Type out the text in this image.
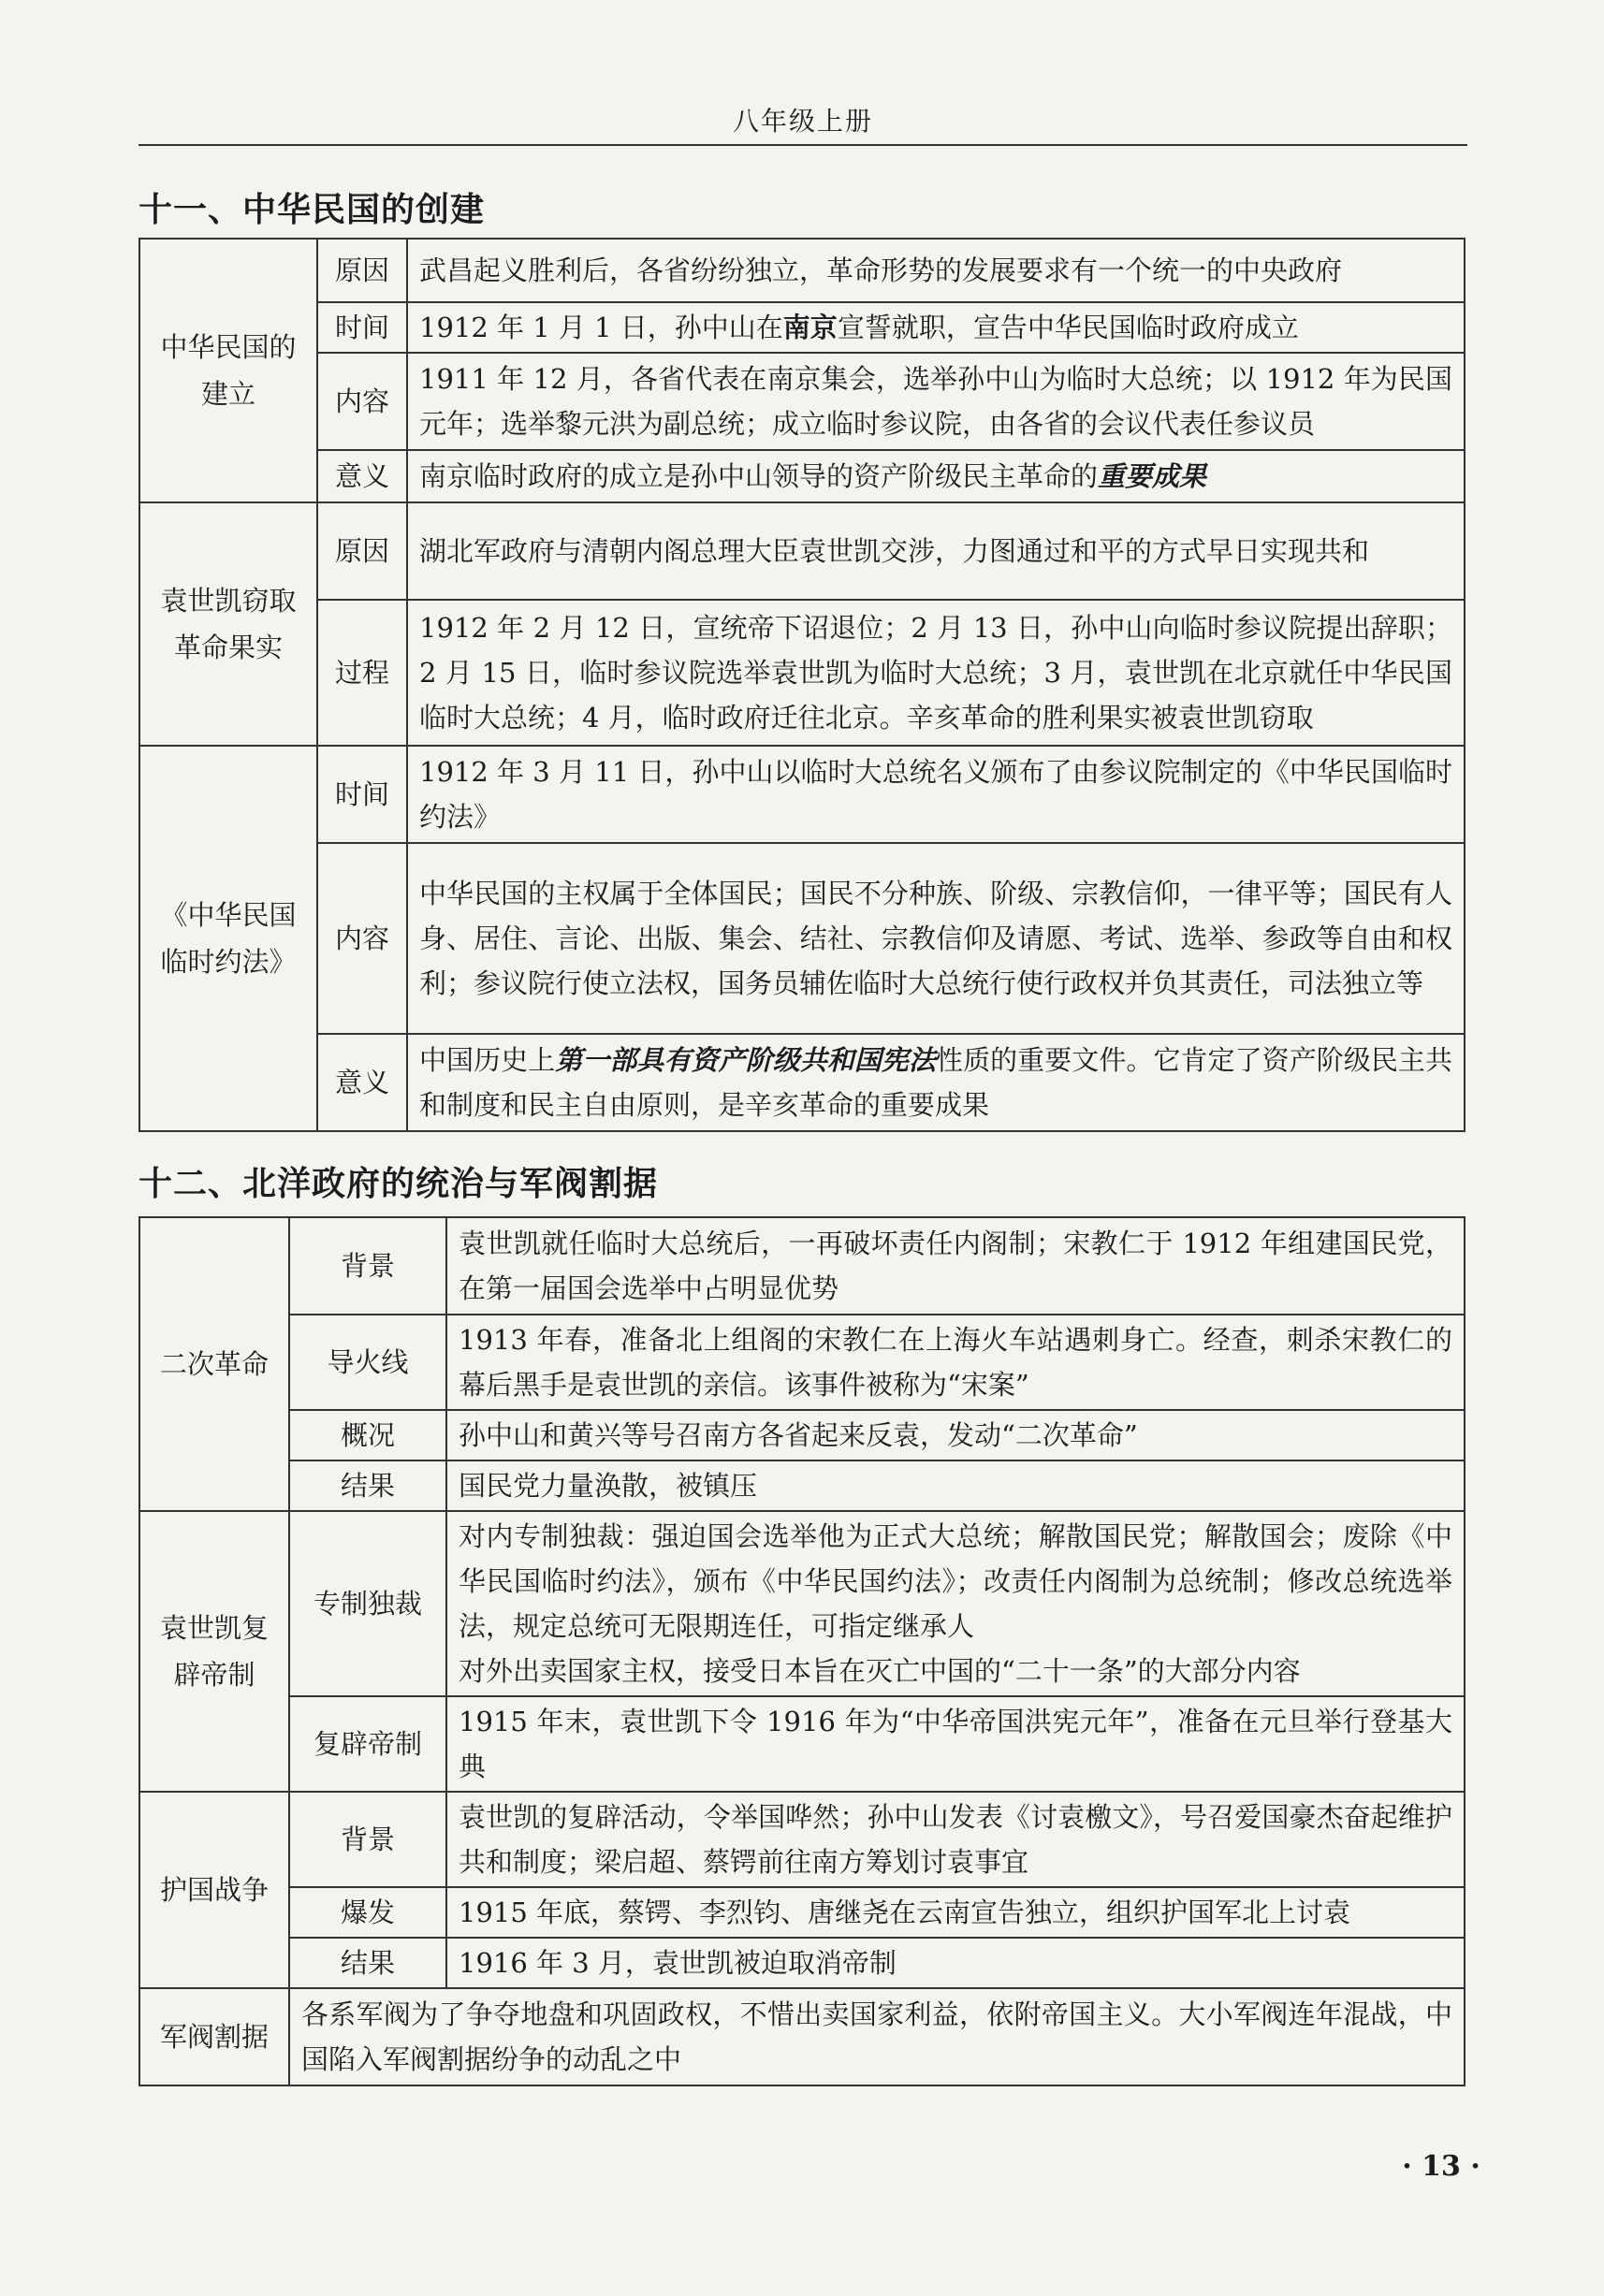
八年级上册
十一、中华民国的创建
中华民国的建立	原因	武昌起义胜利后，各省纷纷独立，革命形势的发展要求有一个统一的中央政府
	时间	1912 年 1 月 1 日，孙中山在南京宣誓就职，宣告中华民国临时政府成立
	内容	1911 年 12 月，各省代表在南京集会，选举孙中山为临时大总统；以 1912 年为民国元年；选举黎元洪为副总统；成立临时参议院，由各省的会议代表任参议员
	意义	南京临时政府的成立是孙中山领导的资产阶级民主革命的重要成果
袁世凯窃取革命果实	原因	湖北军政府与清朝内阁总理大臣袁世凯交涉，力图通过和平的方式早日实现共和
	过程	1912 年 2 月 12 日，宣统帝下诏退位；2 月 13 日，孙中山向临时参议院提出辞职；2 月 15 日，临时参议院选举袁世凯为临时大总统；3 月，袁世凯在北京就任中华民国临时大总统；4 月，临时政府迁往北京。辛亥革命的胜利果实被袁世凯窃取
《中华民国临时约法》	时间	1912 年 3 月 11 日，孙中山以临时大总统名义颁布了由参议院制定的《中华民国临时约法》
	内容	中华民国的主权属于全体国民；国民不分种族、阶级、宗教信仰，一律平等；国民有人身、居住、言论、出版、集会、结社、宗教信仰及请愿、考试、选举、参政等自由和权利；参议院行使立法权，国务员辅佐临时大总统行使行政权并负其责任，司法独立等
	意义	中国历史上第一部具有资产阶级共和国宪法性质的重要文件。它肯定了资产阶级民主共和制度和民主自由原则，是辛亥革命的重要成果
十二、北洋政府的统治与军阀割据
二次革命	背景	袁世凯就任临时大总统后，一再破坏责任内阁制；宋教仁于 1912 年组建国民党，在第一届国会选举中占明显优势
	导火线	1913 年春，准备北上组阁的宋教仁在上海火车站遇刺身亡。经查，刺杀宋教仁的幕后黑手是袁世凯的亲信。该事件被称为“宋案”
	概况	孙中山和黄兴等号召南方各省起来反袁，发动“二次革命”
	结果	国民党力量涣散，被镇压
袁世凯复辟帝制	专制独裁	对内专制独裁：强迫国会选举他为正式大总统；解散国民党；解散国会；废除《中华民国临时约法》，颁布《中华民国约法》；改责任内阁制为总统制；修改总统选举法，规定总统可无限期连任，可指定继承人
对外出卖国家主权，接受日本旨在灭亡中国的“二十一条”的大部分内容

	复辟帝制	1915 年末，袁世凯下令 1916 年为“中华帝国洪宪元年”，准备在元旦举行登基大典
护国战争	背景	袁世凯的复辟活动，令举国哗然；孙中山发表《讨袁檄文》，号召爱国豪杰奋起维护共和制度；梁启超、蔡锷前往南方筹划讨袁事宜
	爆发	1915 年底，蔡锷、李烈钧、唐继尧在云南宣告独立，组织护国军北上讨袁
	结果	1916 年 3 月，袁世凯被迫取消帝制
军阀割据	各系军阀为了争夺地盘和巩固政权，不惜出卖国家利益，依附帝国主义。大小军阀连年混战，中国陷入军阀割据纷争的动乱之中	
· 13 ·
